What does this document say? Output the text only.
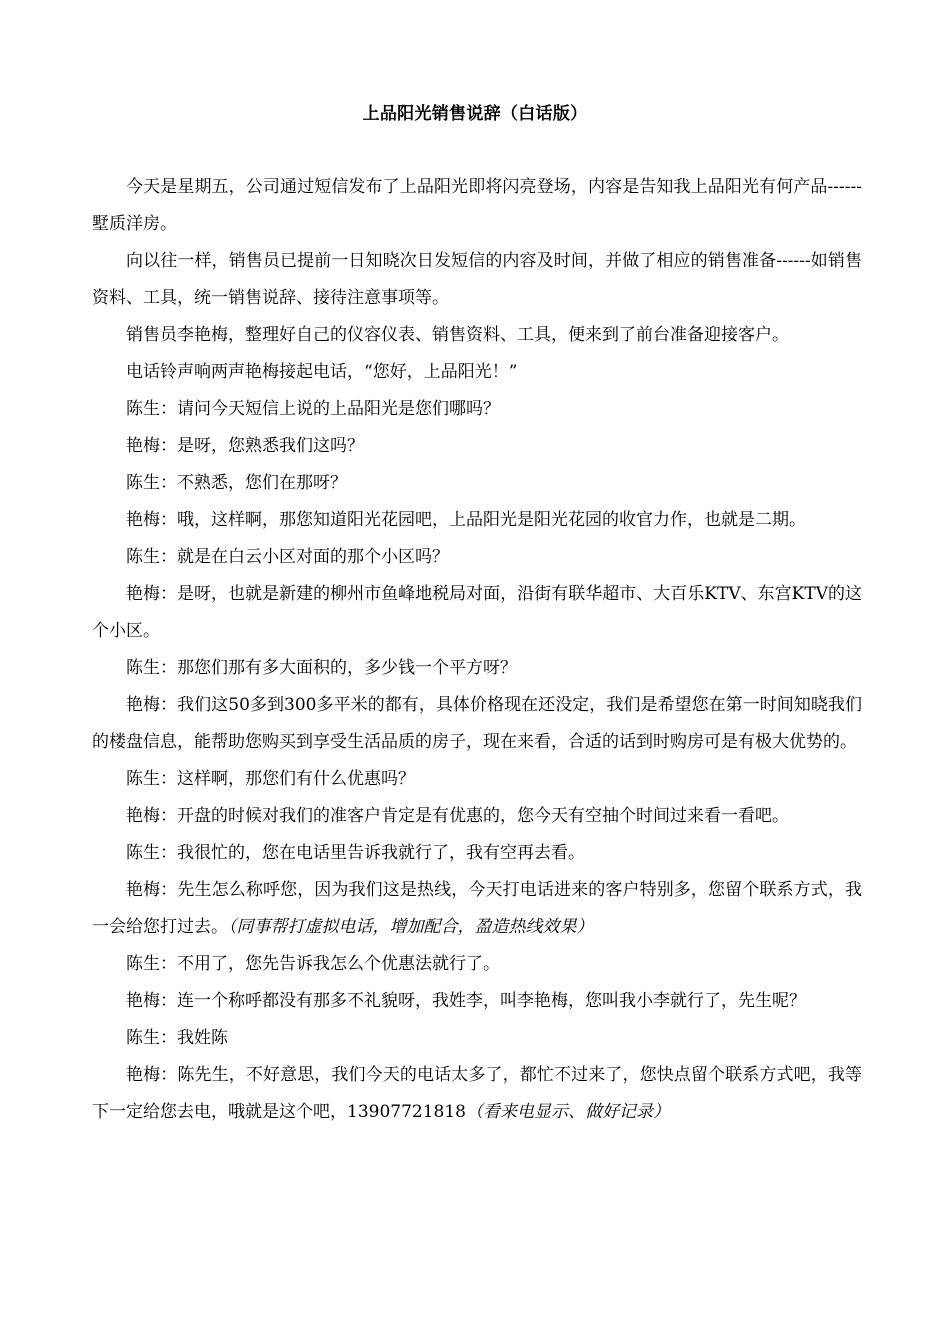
上品阳光销售说辞（白话版）

今天是星期五，公司通过短信发布了上品阳光即将闪亮登场，内容是告知我上品阳光有何产品------墅质洋房。

向以往一样，销售员已提前一日知晓次日发短信的内容及时间，并做了相应的销售准备------如销售资料、工具，统一销售说辞、接待注意事项等。

销售员李艳梅，整理好自己的仪容仪表、销售资料、工具，便来到了前台准备迎接客户。

电话铃声响两声艳梅接起电话，“您好，上品阳光！”

陈生：请问今天短信上说的上品阳光是您们哪吗？

艳梅：是呀，您熟悉我们这吗？

陈生：不熟悉，您们在那呀？

艳梅：哦，这样啊，那您知道阳光花园吧，上品阳光是阳光花园的收官力作，也就是二期。

陈生：就是在白云小区对面的那个小区吗？

艳梅：是呀，也就是新建的柳州市鱼峰地税局对面，沿街有联华超市、大百乐KTV、东宫KTV的这个小区。

陈生：那您们那有多大面积的，多少钱一个平方呀？

艳梅：我们这50多到300多平米的都有，具体价格现在还没定，我们是希望您在第一时间知晓我们的楼盘信息，能帮助您购买到享受生活品质的房子，现在来看，合适的话到时购房可是有极大优势的。

陈生：这样啊，那您们有什么优惠吗？

艳梅：开盘的时候对我们的准客户肯定是有优惠的，您今天有空抽个时间过来看一看吧。

陈生：我很忙的，您在电话里告诉我就行了，我有空再去看。

艳梅：先生怎么称呼您，因为我们这是热线，今天打电话进来的客户特别多，您留个联系方式，我一会给您打过去。（同事帮打虚拟电话，增加配合，盈造热线效果）

陈生：不用了，您先告诉我怎么个优惠法就行了。

艳梅：连一个称呼都没有那多不礼貌呀，我姓李，叫李艳梅，您叫我小李就行了，先生呢？

陈生：我姓陈

艳梅：陈先生，不好意思，我们今天的电话太多了，都忙不过来了，您快点留个联系方式吧，我等下一定给您去电，哦就是这个吧，13907721818（看来电显示、做好记录）
